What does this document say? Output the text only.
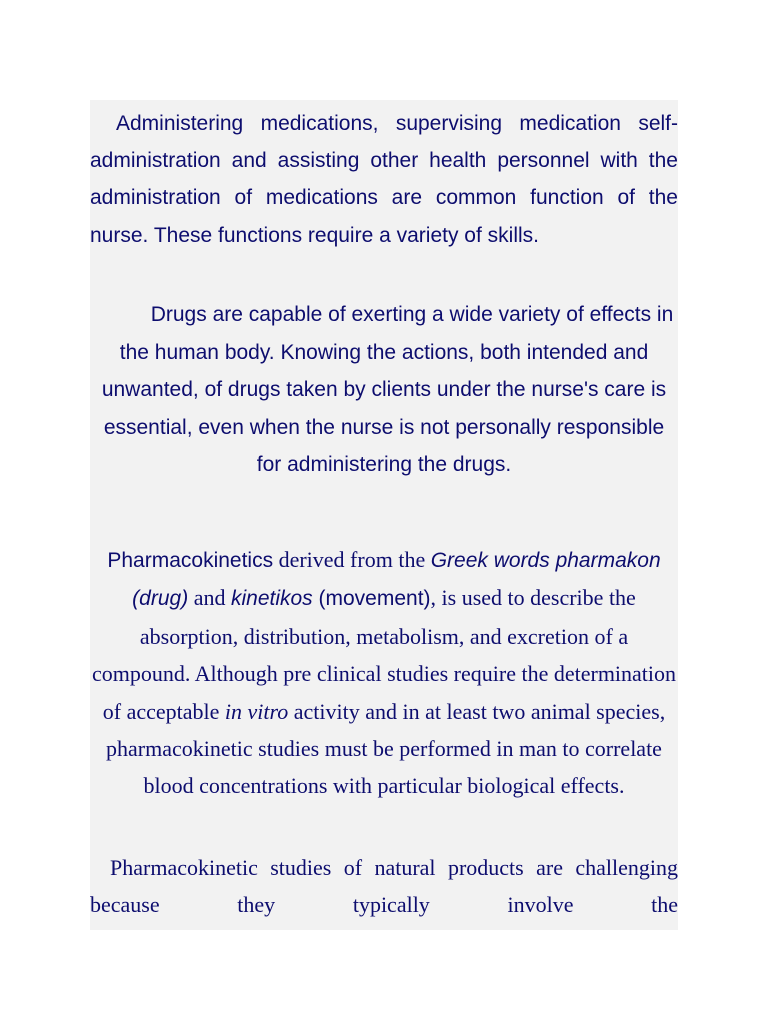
Administering medications, supervising medication self-administration and assisting other health personnel with the administration of medications are common function of the nurse. These functions require a variety of skills.

Drugs are capable of exerting a wide variety of effects in the human body. Knowing the actions, both intended and unwanted, of drugs taken by clients under the nurse's care is essential, even when the nurse is not personally responsible for administering the drugs.

Pharmacokinetics derived from the Greek words pharmakon (drug) and kinetikos (movement), is used to describe the absorption, distribution, metabolism, and excretion of a compound. Although pre clinical studies require the determination of acceptable in vitro activity and in at least two animal species, pharmacokinetic studies must be performed in man to correlate blood concentrations with particular biological effects.

Pharmacokinetic studies of natural products are challenging because they typically involve the
